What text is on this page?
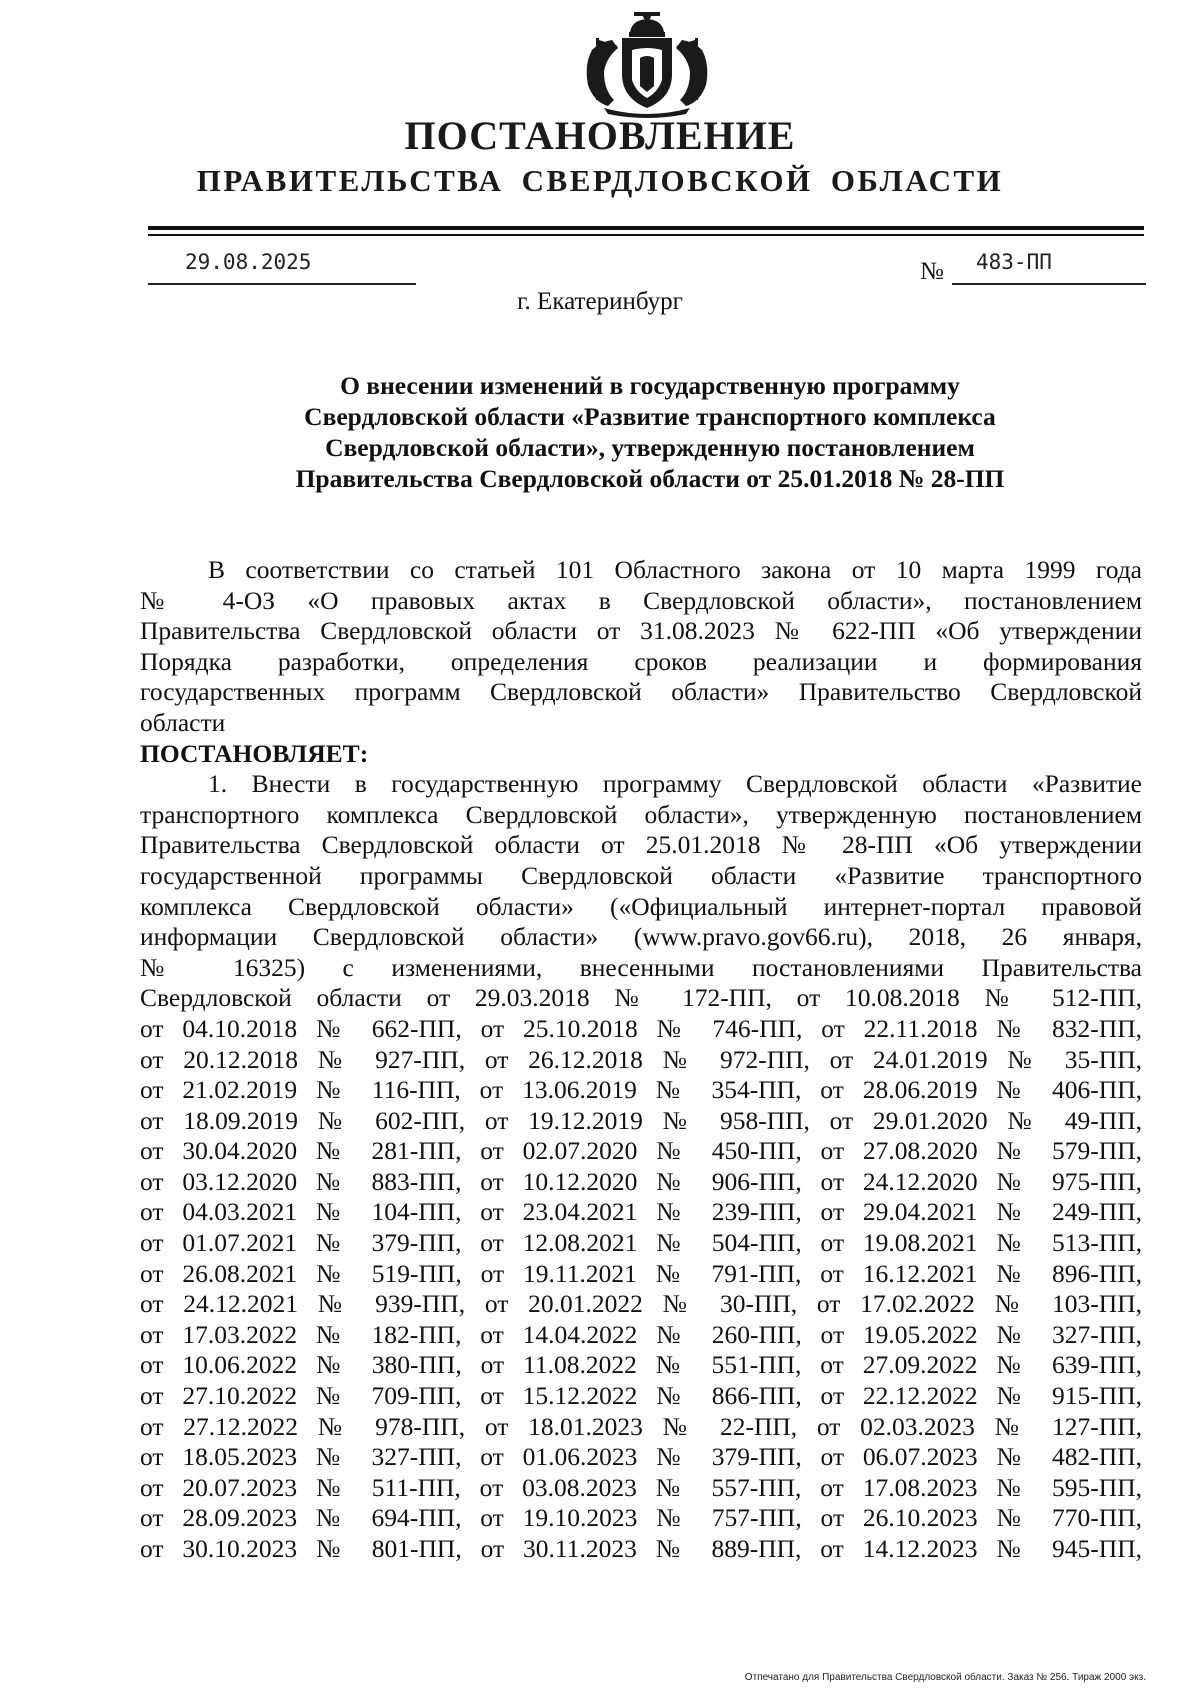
ПОСТАНОВЛЕНИЕ
ПРАВИТЕЛЬСТВА СВЕРДЛОВСКОЙ ОБЛАСТИ
29.08.2025	№ 483-ПП
г. Екатеринбург
О внесении изменений в государственную программу
Свердловской области «Развитие транспортного комплекса
Свердловской области», утвержденную постановлением
Правительства Свердловской области от 25.01.2018 № 28-ПП
В соответствии со статьей 101 Областного закона от 10 марта 1999 года
№ 4-ОЗ «О правовых актах в Свердловской области», постановлением
Правительства Свердловской области от 31.08.2023 № 622-ПП «Об утверждении
Порядка разработки, определения сроков реализации и формирования
государственных программ Свердловской области» Правительство Свердловской
области
ПОСТАНОВЛЯЕТ:
1. Внести в государственную программу Свердловской области «Развитие
транспортного комплекса Свердловской области», утвержденную постановлением
Правительства Свердловской области от 25.01.2018 № 28-ПП «Об утверждении
государственной программы Свердловской области «Развитие транспортного
комплекса Свердловской области» («Официальный интернет-портал правовой
информации Свердловской области» (www.pravo.gov66.ru), 2018, 26 января,
№ 16325) с изменениями, внесенными постановлениями Правительства
Свердловской области от 29.03.2018 № 172-ПП, от 10.08.2018 № 512-ПП,
от 04.10.2018 № 662-ПП, от 25.10.2018 № 746-ПП, от 22.11.2018 № 832-ПП,
от 20.12.2018 № 927-ПП, от 26.12.2018 № 972-ПП, от 24.01.2019 № 35-ПП,
от 21.02.2019 № 116-ПП, от 13.06.2019 № 354-ПП, от 28.06.2019 № 406-ПП,
от 18.09.2019 № 602-ПП, от 19.12.2019 № 958-ПП, от 29.01.2020 № 49-ПП,
от 30.04.2020 № 281-ПП, от 02.07.2020 № 450-ПП, от 27.08.2020 № 579-ПП,
от 03.12.2020 № 883-ПП, от 10.12.2020 № 906-ПП, от 24.12.2020 № 975-ПП,
от 04.03.2021 № 104-ПП, от 23.04.2021 № 239-ПП, от 29.04.2021 № 249-ПП,
от 01.07.2021 № 379-ПП, от 12.08.2021 № 504-ПП, от 19.08.2021 № 513-ПП,
от 26.08.2021 № 519-ПП, от 19.11.2021 № 791-ПП, от 16.12.2021 № 896-ПП,
от 24.12.2021 № 939-ПП, от 20.01.2022 № 30-ПП, от 17.02.2022 № 103-ПП,
от 17.03.2022 № 182-ПП, от 14.04.2022 № 260-ПП, от 19.05.2022 № 327-ПП,
от 10.06.2022 № 380-ПП, от 11.08.2022 № 551-ПП, от 27.09.2022 № 639-ПП,
от 27.10.2022 № 709-ПП, от 15.12.2022 № 866-ПП, от 22.12.2022 № 915-ПП,
от 27.12.2022 № 978-ПП, от 18.01.2023 № 22-ПП, от 02.03.2023 № 127-ПП,
от 18.05.2023 № 327-ПП, от 01.06.2023 № 379-ПП, от 06.07.2023 № 482-ПП,
от 20.07.2023 № 511-ПП, от 03.08.2023 № 557-ПП, от 17.08.2023 № 595-ПП,
от 28.09.2023 № 694-ПП, от 19.10.2023 № 757-ПП, от 26.10.2023 № 770-ПП,
от 30.10.2023 № 801-ПП, от 30.11.2023 № 889-ПП, от 14.12.2023 № 945-ПП,
Отпечатано для Правительства Свердловской области. Заказ № 256. Тираж 2000 экз.
